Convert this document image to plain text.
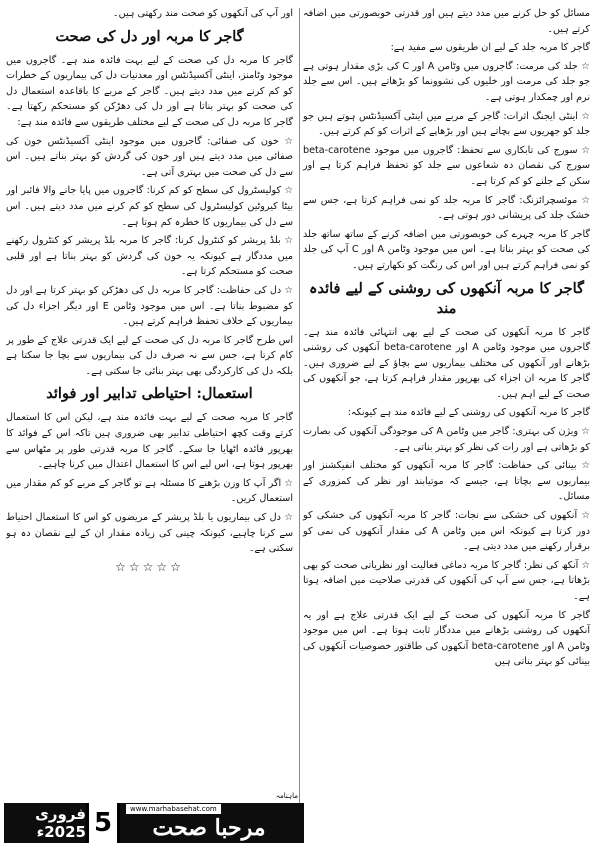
مسائل کو حل کرنے میں مدد دیتے ہیں اور قدرتی خوبصورتی میں اضافہ کرتے ہیں۔

گاجر کا مربہ جلد کے لیے ان طریقوں سے مفید ہے:

☆ جلد کی مرمت: گاجروں میں وٹامن A اور C کی بڑی مقدار ہوتی ہے جو جلد کی مرمت اور خلیوں کی نشوونما کو بڑھاتے ہیں۔ اس سے جلد نرم اور چمکدار ہوتی ہے۔

☆ اینٹی ایجنگ اثرات: گاجر کے مربے میں اینٹی آکسیڈنٹس ہوتے ہیں جو جلد کو جھریوں سے بچاتے ہیں اور بڑھاپے کے اثرات کو کم کرتے ہیں۔

☆ سورج کی تابکاری سے تحفظ: گاجروں میں موجود beta-carotene سورج کی نقصان دہ شعاعوں سے جلد کو تحفظ فراہم کرتا ہے اور سکن کے جلنے کو کم کرتا ہے۔

☆ موئسچرائزنگ: گاجر کا مربہ جلد کو نمی فراہم کرتا ہے، جس سے خشک جلد کی پریشانی دور ہوتی ہے۔

گاجر کا مربہ چہرے کی خوبصورتی میں اضافہ کرنے کے ساتھ ساتھ جلد کی صحت کو بہتر بناتا ہے۔ اس میں موجود وٹامن A اور C آپ کی جلد کو نمی فراہم کرتے ہیں اور اس کی رنگت کو نکھارتے ہیں۔

گاجر کا مربہ آنکھوں کی روشنی کے لیے فائدہ مند

گاجر کا مربہ آنکھوں کی صحت کے لیے بھی انتہائی فائدہ مند ہے۔ گاجروں میں موجود وٹامن A اور beta-carotene آنکھوں کی روشنی بڑھانے اور آنکھوں کی مختلف بیماریوں سے بچاؤ کے لیے ضروری ہیں۔ گاجر کا مربہ ان اجزاء کی بھرپور مقدار فراہم کرتا ہے، جو آنکھوں کی صحت کے لیے اہم ہیں۔

گاجر کا مربہ آنکھوں کی روشنی کے لیے فائدہ مند ہے کیونکہ:

☆ ویژن کی بہتری: گاجر میں وٹامن A کی موجودگی آنکھوں کی بصارت کو بڑھاتی ہے اور رات کی نظر کو بہتر بناتی ہے۔

☆ بینائی کی حفاظت: گاجر کا مربہ آنکھوں کو مختلف انفیکشنز اور بیماریوں سے بچاتا ہے، جیسے کہ موتیابند اور نظر کی کمزوری کے مسائل۔

☆ آنکھوں کی خشکی سے نجات: گاجر کا مربہ آنکھوں کی خشکی کو دور کرتا ہے کیونکہ اس میں وٹامن A کی مقدار آنکھوں کی نمی کو برقرار رکھنے میں مدد دیتی ہے۔

☆ آنکھ کی نظر: گاجر کا مربہ دماغی فعالیت اور نظریاتی صحت کو بھی بڑھاتا ہے، جس سے آپ کی آنکھوں کی قدرتی صلاحیت میں اضافہ ہوتا ہے۔

گاجر کا مربہ آنکھوں کی صحت کے لیے ایک قدرتی علاج ہے اور یہ آنکھوں کی روشنی بڑھانے میں مددگار ثابت ہوتا ہے۔ اس میں موجود وٹامن A اور beta-carotene آنکھوں کی طاقتور خصوصیات آنکھوں کی بینائی کو بہتر بناتی ہیں

اور آپ کی آنکھوں کو صحت مند رکھتی ہیں۔

گاجر کا مربہ اور دل کی صحت

گاجر کا مربہ دل کی صحت کے لیے بہت فائدہ مند ہے۔ گاجروں میں موجود وٹامنز، اینٹی آکسیڈنٹس اور معدنیات دل کی بیماریوں کے خطرات کو کم کرنے میں مدد دیتے ہیں۔ گاجر کے مربے کا باقاعدہ استعمال دل کی صحت کو بہتر بناتا ہے اور دل کی دھڑکن کو مستحکم رکھتا ہے۔ گاجر کا مربہ دل کی صحت کے لیے مختلف طریقوں سے فائدہ مند ہے:

☆ خون کی صفائی: گاجروں میں موجود اینٹی آکسیڈنٹس خون کی صفائی میں مدد دیتے ہیں اور خون کی گردش کو بہتر بناتے ہیں۔ اس سے دل کی صحت میں بہتری آتی ہے۔

☆ کولیسٹرول کی سطح کو کم کرنا: گاجروں میں پایا جانے والا فائبر اور بیٹا کیروٹین کولیسٹرول کی سطح کو کم کرنے میں مدد دیتے ہیں۔ اس سے دل کی بیماریوں کا خطرہ کم ہوتا ہے۔

☆ بلڈ پریشر کو کنٹرول کرنا: گاجر کا مربہ بلڈ پریشر کو کنٹرول رکھنے میں مددگار ہے کیونکہ یہ خون کی گردش کو بہتر بناتا ہے اور قلبی صحت کو مستحکم کرتا ہے۔

☆ دل کی حفاظت: گاجر کا مربہ دل کی دھڑکن کو بہتر کرتا ہے اور دل کو مضبوط بناتا ہے۔ اس میں موجود وٹامن E اور دیگر اجزاء دل کی بیماریوں کے خلاف تحفظ فراہم کرتے ہیں۔

اس طرح گاجر کا مربہ دل کی صحت کے لیے ایک قدرتی علاج کے طور پر کام کرتا ہے، جس سے نہ صرف دل کی بیماریوں سے بچا جا سکتا ہے بلکہ دل کی کارکردگی بھی بہتر بنائی جا سکتی ہے۔

استعمال: احتیاطی تدابیر اور فوائد

گاجر کا مربہ صحت کے لیے بہت فائدہ مند ہے، لیکن اس کا استعمال کرتے وقت کچھ احتیاطی تدابیر بھی ضروری ہیں تاکہ اس کے فوائد کا بھرپور فائدہ اٹھایا جا سکے۔ گاجر کا مربہ قدرتی طور پر مٹھاس سے بھرپور ہوتا ہے، اس لیے اس کا استعمال اعتدال میں کرنا چاہیے۔

☆ اگر آپ کا وزن بڑھنے کا مسئلہ ہے تو گاجر کے مربے کو کم مقدار میں استعمال کریں۔

☆ دل کی بیماریوں یا بلڈ پریشر کے مریضوں کو اس کا استعمال احتیاط سے کرنا چاہیے، کیونکہ چینی کی زیادہ مقدار ان کے لیے نقصان دہ ہو سکتی ہے۔

☆☆☆☆☆
فروری 2025ء 5	www.marhabasehat.com
ماہنامہ
مرحبا صحت
